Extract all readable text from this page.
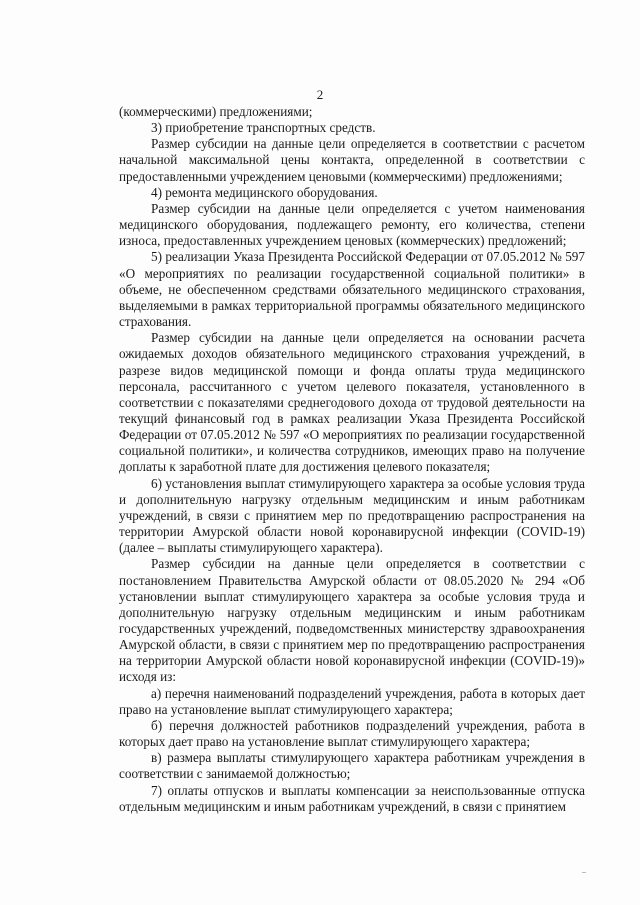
2

(коммерческими) предложениями;

3) приобретение транспортных средств.

Размер субсидии на данные цели определяется в соответствии с расчетом начальной максимальной цены контакта, определенной в соответствии с предоставленными учреждением ценовыми (коммерческими) предложениями;

4) ремонта медицинского оборудования.

Размер субсидии на данные цели определяется с учетом наименования медицинского оборудования, подлежащего ремонту, его количества, степени износа, предоставленных учреждением ценовых (коммерческих) предложений;

5) реализации Указа Президента Российской Федерации от 07.05.2012 № 597 «О мероприятиях по реализации государственной социальной политики» в объеме, не обеспеченном средствами обязательного медицинского страхования, выделяемыми в рамках территориальной программы обязательного медицинского страхования.

Размер субсидии на данные цели определяется на основании расчета ожидаемых доходов обязательного медицинского страхования учреждений, в разрезе видов медицинской помощи и фонда оплаты труда медицинского персонала, рассчитанного с учетом целевого показателя, установленного в соответствии с показателями среднегодового дохода от трудовой деятельности на текущий финансовый год в рамках реализации Указа Президента Российской Федерации от 07.05.2012 № 597 «О мероприятиях по реализации государственной социальной политики», и количества сотрудников, имеющих право на получение доплаты к заработной плате для достижения целевого показателя;

6) установления выплат стимулирующего характера за особые условия труда и дополнительную нагрузку отдельным медицинским и иным работникам учреждений, в связи с принятием мер по предотвращению распространения на территории Амурской области новой коронавирусной инфекции (COVID-19) (далее – выплаты стимулирующего характера).

Размер субсидии на данные цели определяется в соответствии с постановлением Правительства Амурской области от 08.05.2020 № 294 «Об установлении выплат стимулирующего характера за особые условия труда и дополнительную нагрузку отдельным медицинским и иным работникам государственных учреждений, подведомственных министерству здравоохранения Амурской области, в связи с принятием мер по предотвращению распространения на территории Амурской области новой коронавирусной инфекции (COVID-19)» исходя из:

а) перечня наименований подразделений учреждения, работа в которых дает право на установление выплат стимулирующего характера;

б) перечня должностей работников подразделений учреждения, работа в которых дает право на установление выплат стимулирующего характера;

в) размера выплаты стимулирующего характера работникам учреждения в соответствии с занимаемой должностью;

7) оплаты отпусков и выплаты компенсации за неиспользованные отпуска отдельным медицинским и иным работникам учреждений, в связи с принятием
